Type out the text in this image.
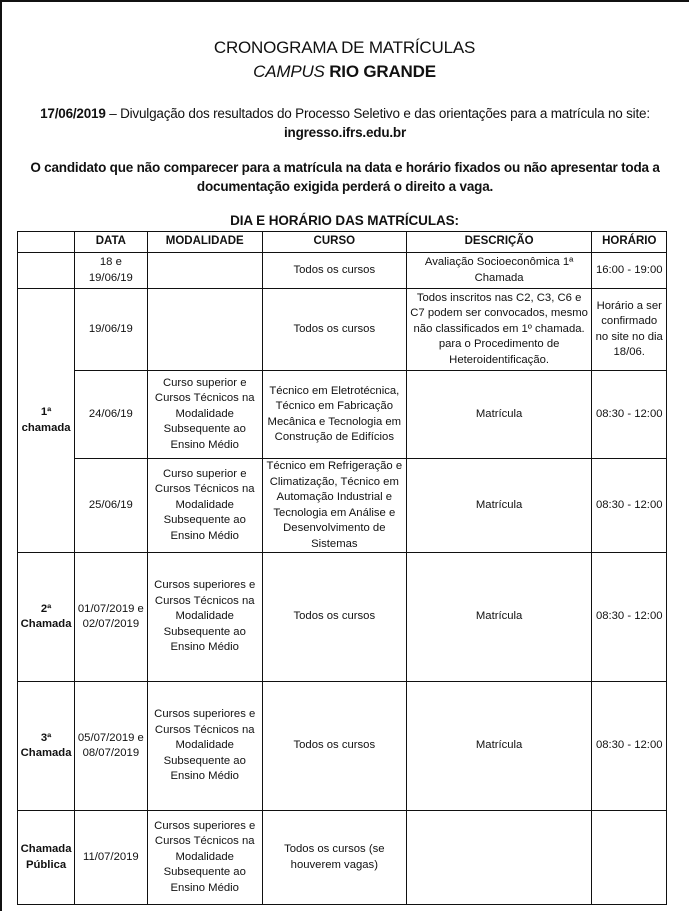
CRONOGRAMA DE MATRÍCULAS
CAMPUS RIO GRANDE
17/06/2019 – Divulgação dos resultados do Processo Seletivo e das orientações para a matrícula no site: ingresso.ifrs.edu.br
O candidato que não comparecer para a matrícula na data e horário fixados ou não apresentar toda a documentação exigida perderá o direito a vaga.
DIA E HORÁRIO DAS MATRÍCULAS:
	DATA	MODALIDADE	CURSO	DESCRIÇÃO	HORÁRIO
	18 e 19/06/19		Todos os cursos	Avaliação Socioeconômica 1ª Chamada	16:00 - 19:00
1ª chamada	19/06/19		Todos os cursos	Todos inscritos nas C2, C3, C6 e C7 podem ser convocados, mesmo não classificados em 1º chamada. para o Procedimento de Heteroidentificação.	Horário a ser confirmado no site no dia 18/06.
	24/06/19	Curso superior e Cursos Técnicos na Modalidade Subsequente ao Ensino Médio	Técnico em Eletrotécnica, Técnico em Fabricação Mecânica e Tecnologia em Construção de Edifícios	Matrícula	08:30 - 12:00
	25/06/19	Curso superior e Cursos Técnicos na Modalidade Subsequente ao Ensino Médio	Técnico em Refrigeração e Climatização, Técnico em Automação Industrial e Tecnologia em Análise e Desenvolvimento de Sistemas	Matrícula	08:30 - 12:00
2ª Chamada	01/07/2019 e 02/07/2019	Cursos superiores e Cursos Técnicos na Modalidade Subsequente ao Ensino Médio	Todos os cursos	Matrícula	08:30 - 12:00
3ª Chamada	05/07/2019 e 08/07/2019	Cursos superiores e Cursos Técnicos na Modalidade Subsequente ao Ensino Médio	Todos os cursos	Matrícula	08:30 - 12:00
Chamada Pública	11/07/2019	Cursos superiores e Cursos Técnicos na Modalidade Subsequente ao Ensino Médio	Todos os cursos (se houverem vagas)		
